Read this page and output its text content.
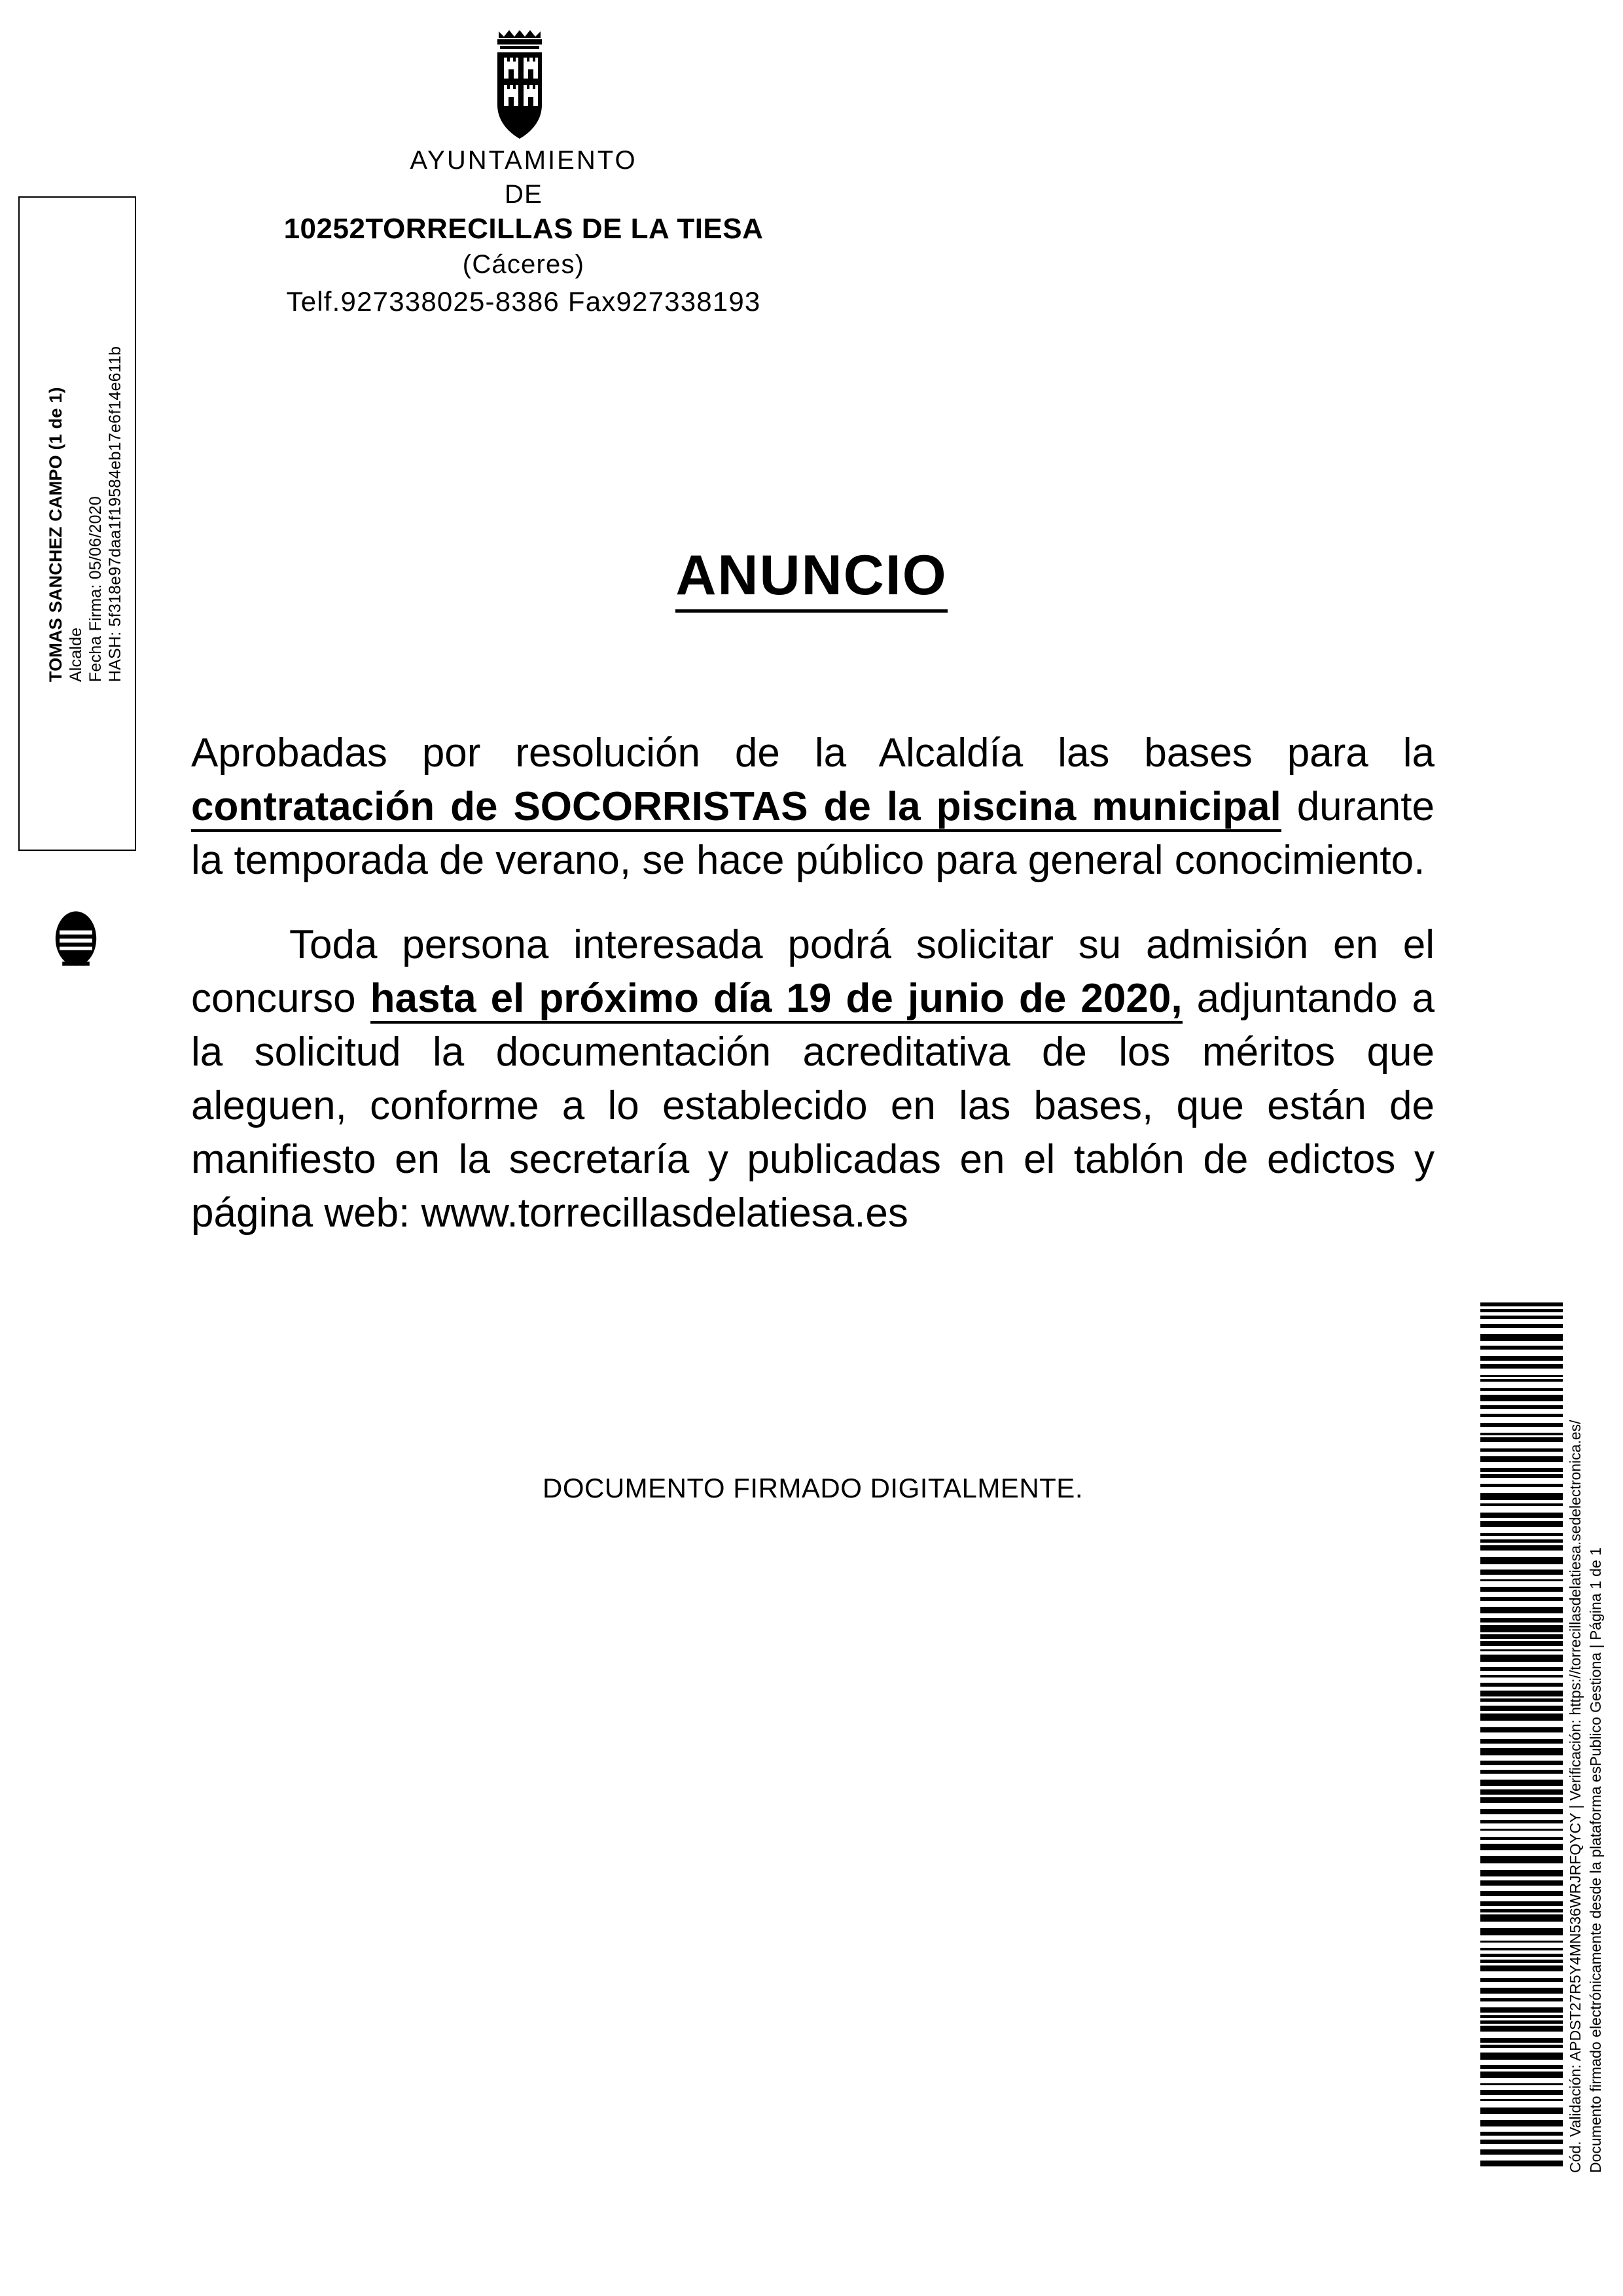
TOMAS SANCHEZ CAMPO (1 de 1) Alcalde Fecha Firma: 05/06/2020 HASH: 5f318e97daa1f19584eb17e6f14e611b
AYUNTAMIENTO
DE
10252TORRECILLAS DE LA TIESA
(Cáceres)
Telf.927338025-8386 Fax927338193
ANUNCIO

Aprobadas por resolución de la Alcaldía las bases para la contratación de SOCORRISTAS de la piscina municipal durante la temporada de verano, se hace público para general conocimiento.

Toda persona interesada podrá solicitar su admisión en el concurso hasta el próximo día 19 de junio de 2020, adjuntando a la solicitud la documentación acreditativa de los méritos que aleguen, conforme a lo establecido en las bases, que están de manifiesto en la secretaría y publicadas en el tablón de edictos y página web: www.torrecillasdelatiesa.es

DOCUMENTO FIRMADO DIGITALMENTE.	Cód. Validación: APDST27R5Y4MN536WRJRFQYCY | Verificación: https://torrecillasdelatiesa.sedelectronica.es/ Documento firmado electrónicamente desde la plataforma esPublico Gestiona | Página 1 de 1
